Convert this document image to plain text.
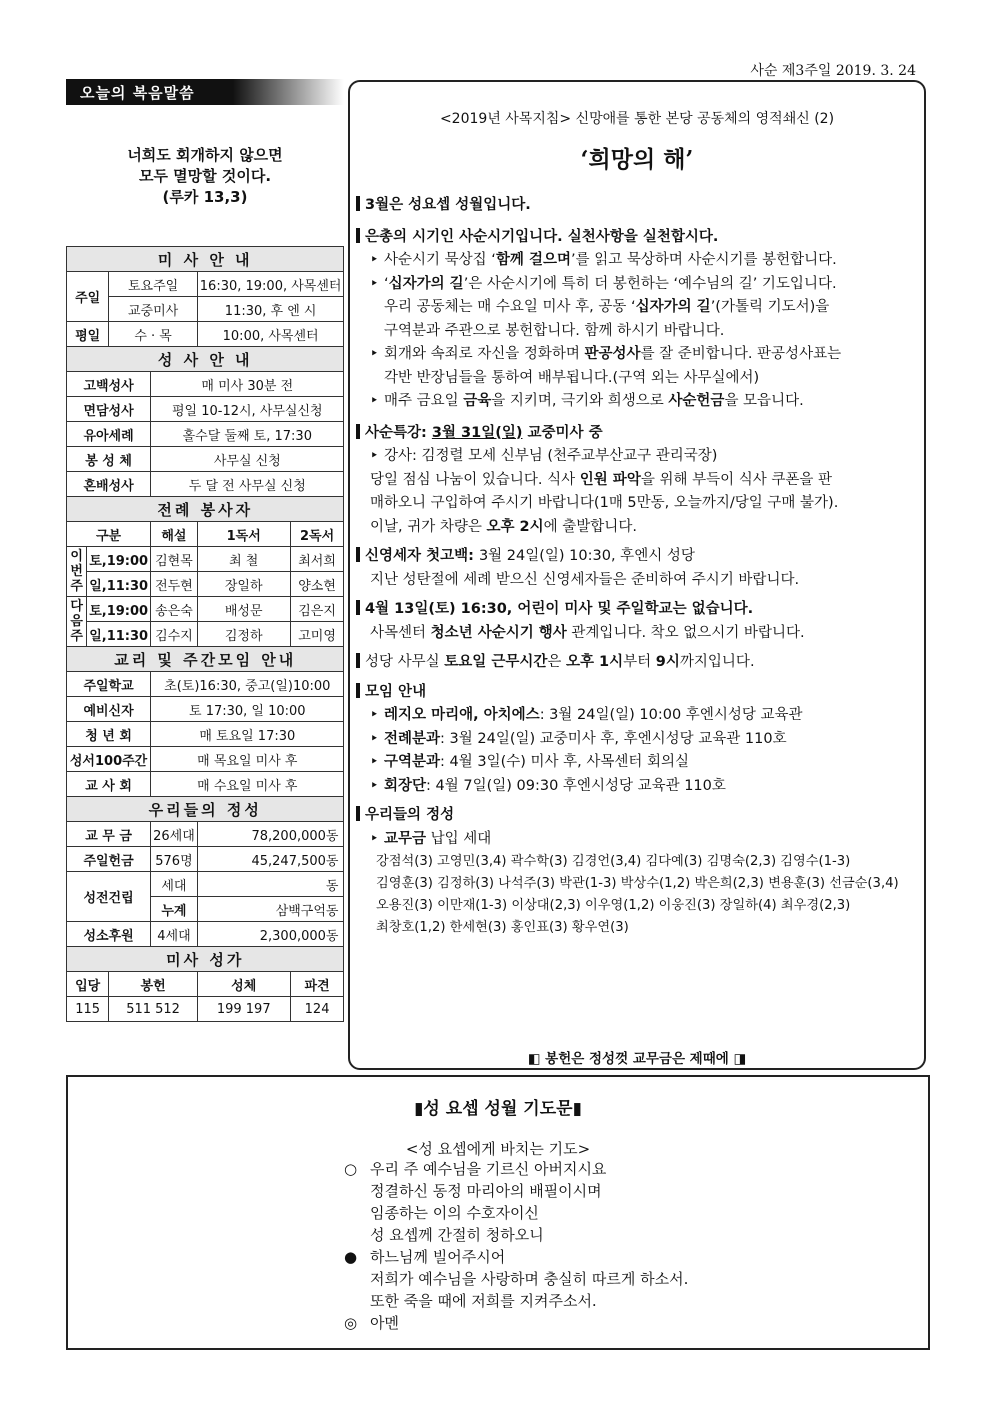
사순 제3주일 2019. 3. 24
오늘의 복음말씀
너희도 회개하지 않으면
모두 멸망할 것이다.
(루카 13,3)
미 사 안 내					
주일		토요주일		16:30, 19:00, 사목센터	
		교중미사		11:30, 후 엔 시	
평일		수 · 목		10:00, 사목센터	
성 사 안 내					
고백성사			매 미사 30분 전		
면담성사			평일 10-12시, 사무실신청		
유아세례			홀수달 둘째 토, 17:30		
봉 성 체			사무실 신청		
혼배성사			두 달 전 사무실 신청		
전례 봉사자					
구분			해설	1독서	2독서
이번주	토,19:00		김현목	최 철	최서희
	일,11:30		전두현	장일하	양소현
다음주	토,19:00		송은숙	배성문	김은지
	일,11:30		김수지	김정하	고미영
교리 및 주간모임 안내					
주일학교			초(토)16:30, 중고(일)10:00		
예비신자			토 17:30, 일 10:00		
청 년 회			매 토요일 17:30		
성서100주간			매 목요일 미사 후		
교 사 회			매 수요일 미사 후		
우리들의 정성					
교 무 금			26세대	78,200,000동	
주일헌금			576명	45,247,500동	
성전건립			세대	동	
			누계	삼백구억동	
성소후원			4세대	2,300,000동	
미사 성가					
입당		봉헌		성체	파견
115		511 512		199 197	124
<2019년 사목지침> 신망애를 통한 본당 공동체의 영적쇄신 (2)
‘희망의 해’
3월은 성요셉 성월입니다.
은총의 시기인 사순시기입니다. 실천사항을 실천합시다.
‣ 사순시기 묵상집 ‘함께 걸으며’를 읽고 묵상하며 사순시기를 봉헌합니다.
‣ ‘십자가의 길’은 사순시기에 특히 더 봉헌하는 ‘예수님의 길’ 기도입니다.
우리 공동체는 매 수요일 미사 후, 공동 ‘십자가의 길’(가톨릭 기도서)을
구역분과 주관으로 봉헌합니다. 함께 하시기 바랍니다.
‣ 회개와 속죄로 자신을 정화하며 판공성사를 잘 준비합니다. 판공성사표는
각반 반장님들을 통하여 배부됩니다.(구역 외는 사무실에서)
‣ 매주 금요일 금육을 지키며, 극기와 희생으로 사순헌금을 모읍니다.
사순특강: 3월 31일(일) 교중미사 중
‣ 강사: 김정렬 모세 신부님 (천주교부산교구 관리국장)
당일 점심 나눔이 있습니다. 식사 인원 파악을 위해 부득이 식사 쿠폰을 판
매하오니 구입하여 주시기 바랍니다(1매 5만동, 오늘까지/당일 구매 불가).
이날, 귀가 차량은 오후 2시에 출발합니다.
신영세자 첫고백: 3월 24일(일) 10:30, 후엔시 성당
지난 성탄절에 세례 받으신 신영세자들은 준비하여 주시기 바랍니다.
4월 13일(토) 16:30, 어린이 미사 및 주일학교는 없습니다.
사목센터 청소년 사순시기 행사 관계입니다. 착오 없으시기 바랍니다.
성당 사무실 토요일 근무시간은 오후 1시부터 9시까지입니다.
모임 안내
‣ 레지오 마리애, 아치에스: 3월 24일(일) 10:00 후엔시성당 교육관
‣ 전례분과: 3월 24일(일) 교중미사 후, 후엔시성당 교육관 110호
‣ 구역분과: 4월 3일(수) 미사 후, 사목센터 회의실
‣ 회장단: 4월 7일(일) 09:30 후엔시성당 교육관 110호
우리들의 정성
‣ 교무금 납입 세대
강점석(3) 고영민(3,4) 곽수학(3) 김경언(3,4) 김다예(3) 김명숙(2,3) 김영수(1-3)
김영훈(3) 김정하(3) 나석주(3) 박관(1-3) 박상수(1,2) 박은희(2,3) 변용훈(3) 선금순(3,4)
오용진(3) 이만재(1-3) 이상대(2,3) 이우영(1,2) 이웅진(3) 장일하(4) 최우경(2,3)
최창호(1,2) 한세현(3) 홍인표(3) 황우연(3)
◧ 봉헌은 정성껏 교무금은 제때에 ◨
▮성 요셉 성월 기도문▮
<성 요셉에게 바치는 기도>
○ 우리 주 예수님을 기르신 아버지시요
정결하신 동정 마리아의 배필이시며
임종하는 이의 수호자이신
성 요셉께 간절히 청하오니
● 하느님께 빌어주시어
저희가 예수님을 사랑하며 충실히 따르게 하소서.
또한 죽을 때에 저희를 지켜주소서.
◎ 아멘
